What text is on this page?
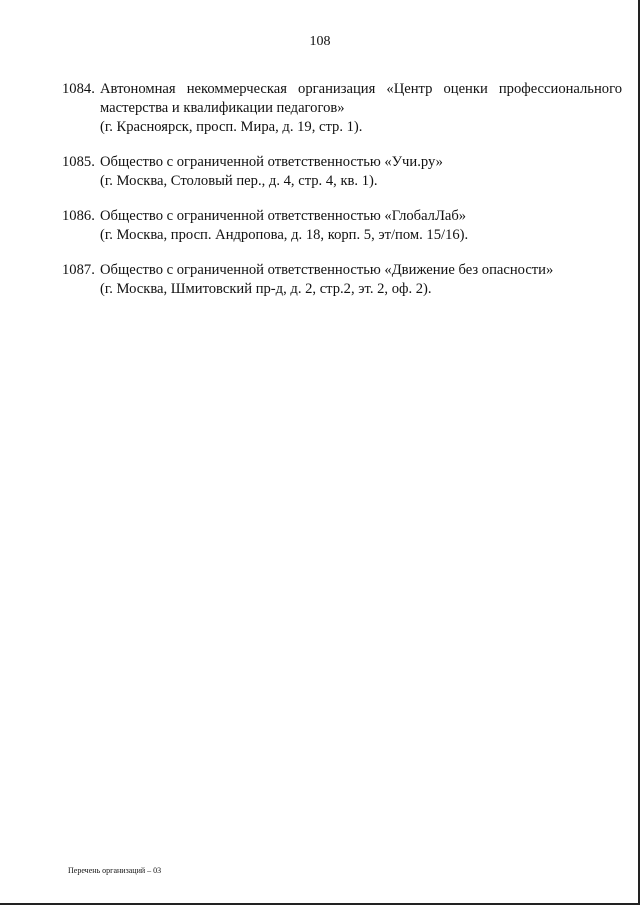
108
1084. Автономная некоммерческая организация «Центр оценки профессионального мастерства и квалификации педагогов»
(г. Красноярск, просп. Мира, д. 19, стр. 1).
1085. Общество с ограниченной ответственностью «Учи.ру»
(г. Москва, Столовый пер., д. 4, стр. 4, кв. 1).
1086. Общество с ограниченной ответственностью «ГлобалЛаб»
(г. Москва, просп. Андропова, д. 18, корп. 5, эт/пом. 15/16).
1087. Общество с ограниченной ответственностью «Движение без опасности»
(г. Москва, Шмитовский пр-д, д. 2, стр.2, эт. 2, оф. 2).
Перечень организаций – 03
